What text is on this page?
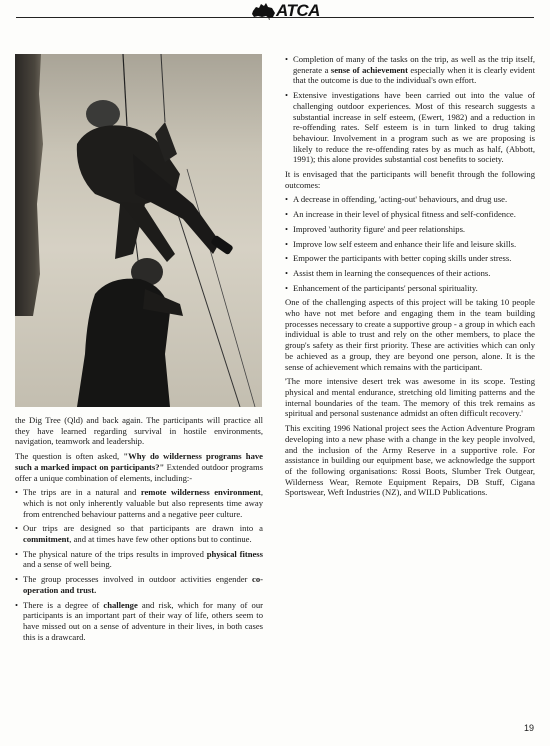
ATCA

the Dig Tree (Qld) and back again. The participants will practice all they have learned regarding survival in hostile environments, navigation, teamwork and leadership.

The question is often asked, "Why do wilderness programs have such a marked impact on participants?" Extended outdoor programs offer a unique combination of elements, including:-

• The trips are in a natural and remote wilderness environment, which is not only inherently valuable but also represents time away from entrenched behaviour patterns and a negative peer culture.
• Our trips are designed so that participants are drawn into a commitment, and at times have few other options but to continue.
• The physical nature of the trips results in improved physical fitness and a sense of well being.
• The group processes involved in outdoor activities engender co-operation and trust.
• There is a degree of challenge and risk, which for many of our participants is an important part of their way of life, others seem to have missed out on a sense of adventure in their lives, in both cases this is a drawcard.
• Completion of many of the tasks on the trip, as well as the trip itself, generate a sense of achievement especially when it is clearly evident that the outcome is due to the individual's own effort.
• Extensive investigations have been carried out into the value of challenging outdoor experiences. Most of this research suggests a substantial increase in self esteem, (Ewert, 1982) and a reduction in re-offending rates. Self esteem is in turn linked to drug taking behaviour. Involvement in a program such as we are proposing is likely to reduce the re-offending rates by as much as half, (Abbott, 1991); this alone provides substantial cost benefits to society.

It is envisaged that the participants will benefit through the following outcomes:

• A decrease in offending, 'acting-out' behaviours, and drug use.
• An increase in their level of physical fitness and self-confidence.
• Improved 'authority figure' and peer relationships.
• Improve low self esteem and enhance their life and leisure skills.
• Empower the participants with better coping skills under stress.
• Assist them in learning the consequences of their actions.
• Enhancement of the participants' personal spirituality.

One of the challenging aspects of this project will be taking 10 people who have not met before and engaging them in the team building processes necessary to create a supportive group - a group in which each individual is able to trust and rely on the other members, to place the group's safety as their first priority. These are activities which can only be achieved as a group, they are beyond one person, alone. It is the sense of achievement which remains with the participant.

'The more intensive desert trek was awesome in its scope. Testing physical and mental endurance, stretching old limiting patterns and the internal boundaries of the team. The memory of this trek remains as spiritual and personal sustenance admidst an often difficult recovery.'

This exciting 1996 National project sees the Action Adventure Program developing into a new phase with a change in the key people involved, and the inclusion of the Army Reserve in a supportive role. For assistance in building our equipment base, we acknowledge the support of the following organisations: Rossi Boots, Slumber Trek Outgear, Wilderness Wear, Remote Equipment Repairs, DB Stuff, Cigana Sportswear, Weft Industries (NZ), and WILD Publications.

19
